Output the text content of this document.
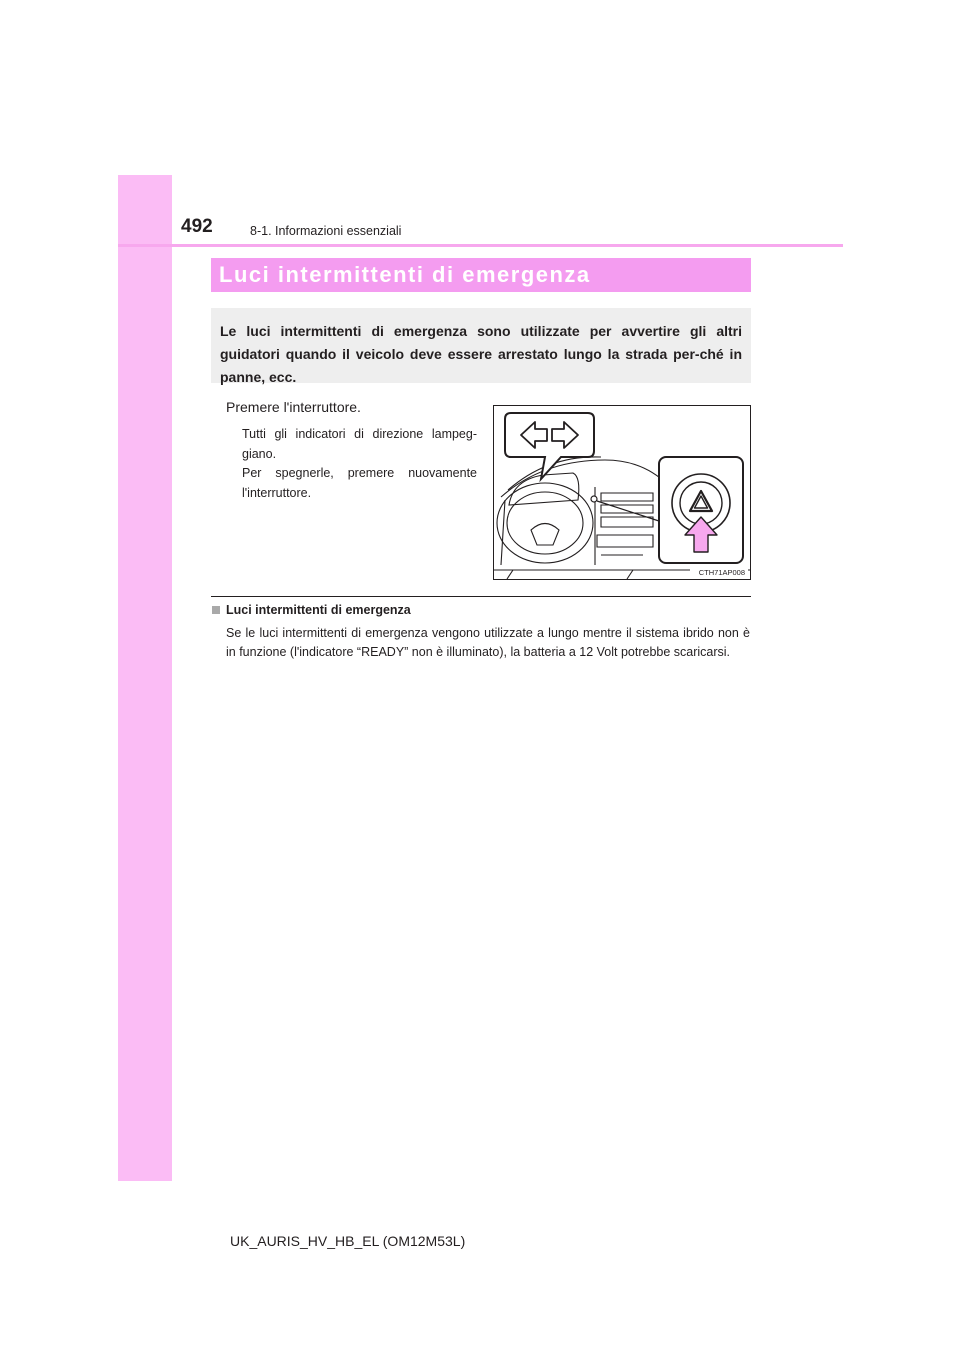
492	8-1. Informazioni essenziali
Luci intermittenti di emergenza
Le luci intermittenti di emergenza sono utilizzate per avvertire gli altri guidatori quando il veicolo deve essere arrestato lungo la strada per-ché in panne, ecc.
Premere l'interruttore.

Tutti gli indicatori di direzione lampeg-giano.

Per spegnerle, premere nuovamente l'interruttore.

CTH71AP008
Luci intermittenti di emergenza
Se le luci intermittenti di emergenza vengono utilizzate a lungo mentre il sistema ibrido non è in funzione (l'indicatore “READY” non è illuminato), la batteria a 12 Volt potrebbe scaricarsi.
UK_AURIS_HV_HB_EL (OM12M53L)
